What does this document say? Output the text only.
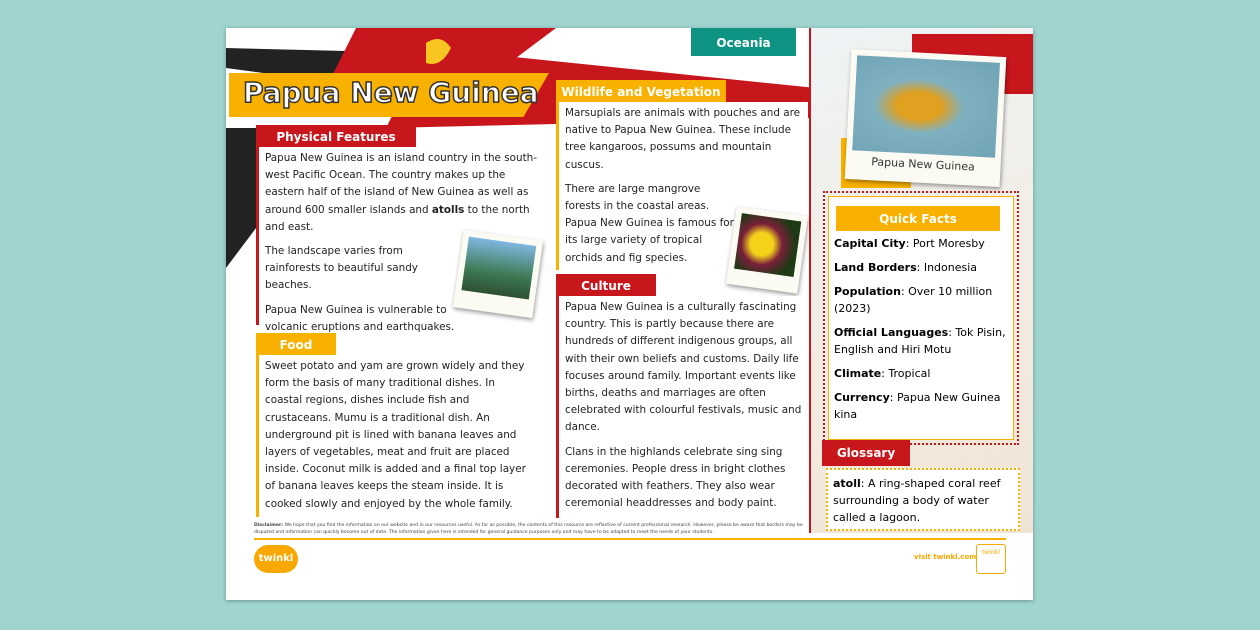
Oceania
Papua New Guinea
Physical Features

Papua New Guinea is an island country in the south-west Pacific Ocean. The country makes up the eastern half of the island of New Guinea as well as around 600 smaller islands and atolls to the north and east.

The landscape varies from rainforests to beautiful sandy beaches.

Papua New Guinea is vulnerable to volcanic eruptions and earthquakes.

Food

Sweet potato and yam are grown widely and they form the basis of many traditional dishes. In coastal regions, dishes include fish and crustaceans. Mumu is a traditional dish. An underground pit is lined with banana leaves and layers of vegetables, meat and fruit are placed inside. Coconut milk is added and a final top layer of banana leaves keeps the steam inside. It is cooked slowly and enjoyed by the whole family.

Wildlife and Vegetation

Marsupials are animals with pouches and are native to Papua New Guinea. These include tree kangaroos, possums and mountain cuscus.

There are large mangrove forests in the coastal areas. Papua New Guinea is famous for its large variety of tropical orchids and fig species.

Culture

Papua New Guinea is a culturally fascinating country. This is partly because there are hundreds of different indigenous groups, all with their own beliefs and customs. Daily life focuses around family. Important events like births, deaths and marriages are often celebrated with colourful festivals, music and dance.

Clans in the highlands celebrate sing sing ceremonies. People dress in bright clothes decorated with feathers. They also wear ceremonial headdresses and body paint.

Papua New Guinea

Capital City: Port Moresby

Land Borders: Indonesia

Population: Over 10 million (2023)

Official Languages: Tok Pisin, English and Hiri Motu

Climate: Tropical

Currency: Papua New Guinea kina

Quick Facts
Glossary
atoll: A ring-shaped coral reef surrounding a body of water called a lagoon.
Disclaimer: We hope that you find the information on our website and in our resources useful. As far as possible, the contents of this resource are reflective of current professional research. However, please be aware that borders may be disputed and information can quickly become out of date. The information given here is intended for general guidance purposes only and may have to be adapted to meet the needs of your students.
twinkl	visit twinkl.com
twinkl
